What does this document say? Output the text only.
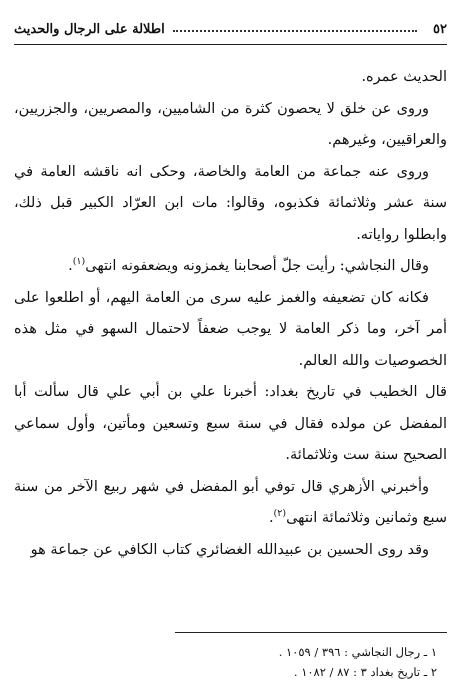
٥٢
اطلالة على الرجال والحديث

الحديث عمره.

وروى عن خلق لا يحصون كثرة من الشاميين، والمصريين، والجزريين، والعراقيين، وغيرهم.

وروى عنه جماعة من العامة والخاصة، وحكى انه ناقشه العامة في سنة عشر وثلاثمائة فكذبوه، وقالوا: مات ابن العرّاد الكبير قبل ذلك، وابطلوا رواياته.

وقال النجاشي: رأيت جلّ أصحابنا يغمزونه ويضعفونه انتهى$^{(١)}$.

فكانه كان تضعيفه والغمز عليه سرى من العامة اليهم، أو اطلعوا على أمر آخر، وما ذكر العامة لا يوجب ضعفاً لاحتمال السهو في مثل هذه الخصوصيات والله العالم.

قال الخطيب في تاريخ بغداد: أخبرنا علي بن أبي علي قال سألت أبا المفضل عن مولده فقال في سنة سبع وتسعين ومأتين، وأول سماعي الصحيح سنة ست وثلاثمائة.

وأخبرني الأزهري قال توفي أبو المفضل في شهر ربيع الآخر من سنة سبع وثمانين وثلاثمائة انتهى$^{(٢)}$.

وقد روى الحسين بن عبيدالله الغضائري كتاب الكافي عن جماعة هو

١ ـ رجال النجاشي : ٣٩٦ / ١٠٥٩ .

٢ ـ تاريخ بغداد ٣ : ٨٧ / ١٠٨٢ .
